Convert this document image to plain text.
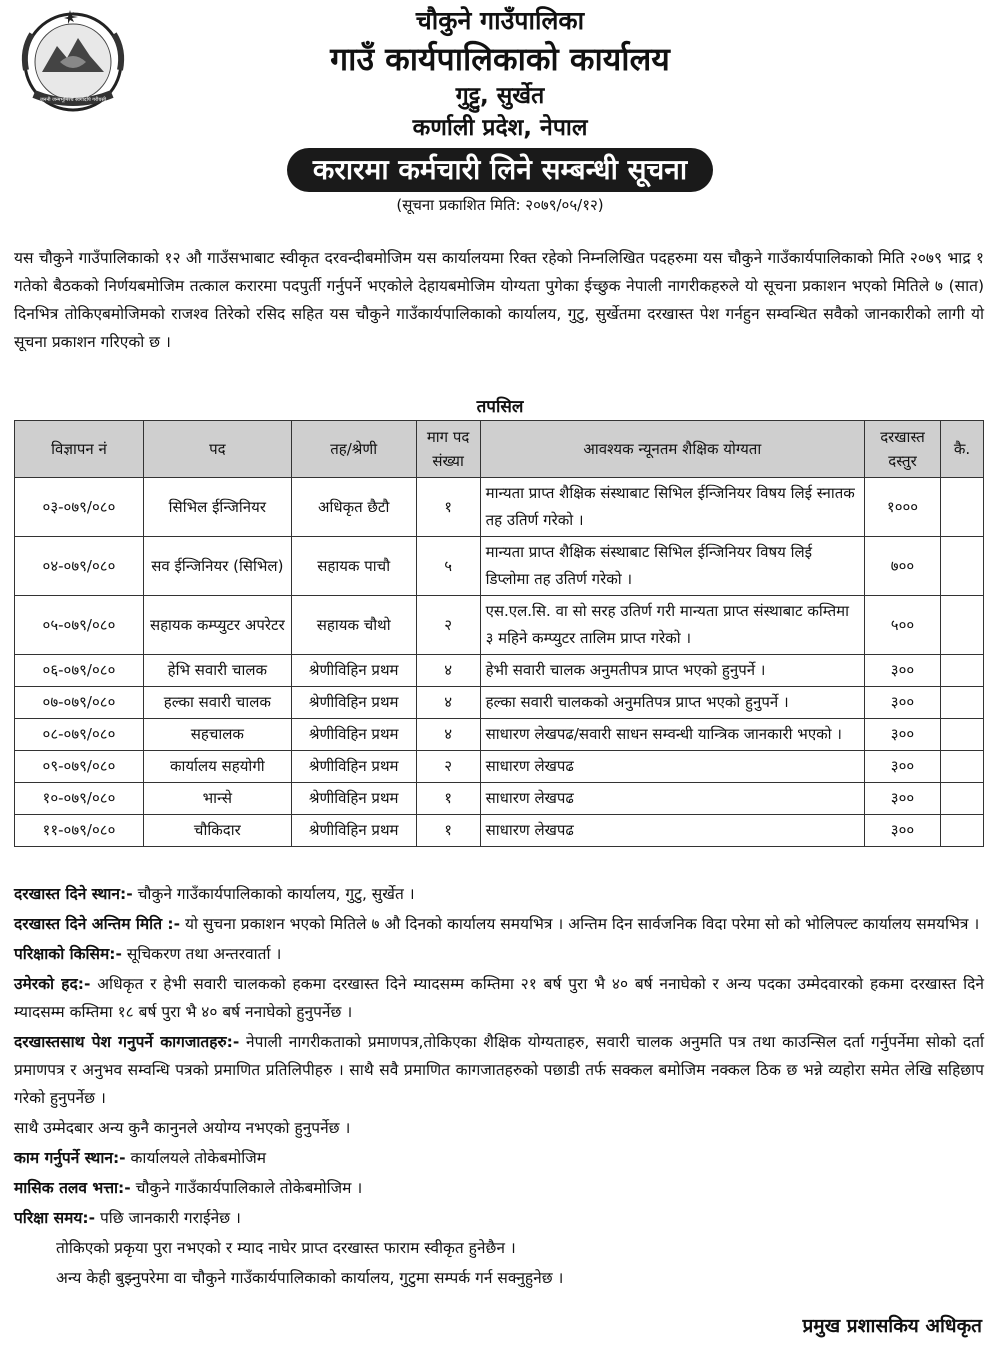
जननी जन्मभूमिश्च स्वर्गादपि गरीयसी
चौकुने गाउँपालिका
गाउँ कार्यपालिकाको कार्यालय
गुट्टु, सुर्खेत
कर्णाली प्रदेश, नेपाल
करारमा कर्मचारी लिने सम्बन्धी सूचना
(सूचना प्रकाशित मिति: २०७९/०५/१२)
यस चौकुने गाउँपालिकाको १२ औ गाउँसभाबाट स्वीकृत दरवन्दीबमोजिम यस कार्यालयमा रिक्त रहेको निम्नलिखित पदहरुमा यस चौकुने गाउँकार्यपालिकाको मिति २०७९ भाद्र १ गतेको बैठकको निर्णयबमोजिम तत्काल करारमा पदपुर्ती गर्नुपर्ने भएकोले देहायबमोजिम योग्यता पुगेका ईच्छुक नेपाली नागरीकहरुले यो सूचना प्रकाशन भएको मितिले ७ (सात) दिनभित्र तोकिएबमोजिमको राजश्व तिरेको रसिद सहित यस चौकुने गाउँकार्यपालिकाको कार्यालय, गुटु, सुर्खेतमा दरखास्त पेश गर्नहुन सम्वन्धित सवैको जानकारीको लागी यो सूचना प्रकाशन गरिएको छ ।
तपसिल
विज्ञापन नं	पद	तह/श्रेणी	माग पद संख्या	आवश्यक न्यूनतम शैक्षिक योग्यता	दरखास्त दस्तुर	कै.
०३-०७९/०८०	सिभिल ईन्जिनियर	अधिकृत छैटौ	१	मान्यता प्राप्त शैक्षिक संस्थाबाट सिभिल ईन्जिनियर विषय लिई स्नातक तह उतिर्ण गरेको ।	१०००	
०४-०७९/०८०	सव ईन्जिनियर (सिभिल)	सहायक पाचौ	५	मान्यता प्राप्त शैक्षिक संस्थाबाट सिभिल ईन्जिनियर विषय लिई डिप्लोमा तह उतिर्ण गरेको ।	७००	
०५-०७९/०८०	सहायक कम्प्युटर अपरेटर	सहायक चौथो	२	एस.एल.सि. वा सो सरह उतिर्ण गरी मान्यता प्राप्त संस्थाबाट कम्तिमा ३ महिने कम्प्युटर तालिम प्राप्त गरेको ।	५००	
०६-०७९/०८०	हेभि सवारी चालक	श्रेणीविहिन प्रथम	४	हेभी सवारी चालक अनुमतीपत्र प्राप्त भएको हुनुपर्ने ।	३००	
०७-०७९/०८०	हल्का सवारी चालक	श्रेणीविहिन प्रथम	४	हल्का सवारी चालकको अनुमतिपत्र प्राप्त भएको हुनुपर्ने ।	३००	
०८-०७९/०८०	सहचालक	श्रेणीविहिन प्रथम	४	साधारण लेखपढ/सवारी साधन सम्वन्धी यान्त्रिक जानकारी भएको ।	३००	
०९-०७९/०८०	कार्यालय सहयोगी	श्रेणीविहिन प्रथम	२	साधारण लेखपढ	३००	
१०-०७९/०८०	भान्से	श्रेणीविहिन प्रथम	१	साधारण लेखपढ	३००	
११-०७९/०८०	चौकिदार	श्रेणीविहिन प्रथम	१	साधारण लेखपढ	३००	

दरखास्त दिने स्थान:- चौकुने गाउँकार्यपालिकाको कार्यालय, गुटु, सुर्खेत ।

दरखास्त दिने अन्तिम मिति :- यो सुचना प्रकाशन भएको मितिले ७ औ दिनको कार्यालय समयभित्र । अन्तिम दिन सार्वजनिक विदा परेमा सो को भोलिपल्ट कार्यालय समयभित्र ।

परिक्षाको किसिम:- सूचिकरण तथा अन्तरवार्ता ।

उमेरको हद:- अधिकृत र हेभी सवारी चालकको हकमा दरखास्त दिने म्यादसम्म कम्तिमा २१ बर्ष पुरा भै ४० बर्ष ननाघेको र अन्य पदका उम्मेदवारको हकमा दरखास्त दिने म्यादसम्म कम्तिमा १८ बर्ष पुरा भै ४० बर्ष ननाघेको हुनुपर्नेछ ।

दरखास्तसाथ पेश गनुपर्ने कागजातहरु:- नेपाली नागरीकताको प्रमाणपत्र,तोकिएका शैक्षिक योग्यताहरु, सवारी चालक अनुमति पत्र तथा काउन्सिल दर्ता गर्नुपर्नेमा सोको दर्ता प्रमाणपत्र र अनुभव सम्वन्धि पत्रको प्रमाणित प्रतिलिपीहरु । साथै सवै प्रमाणित कागजातहरुको पछाडी तर्फ सक्कल बमोजिम नक्कल ठिक छ भन्ने व्यहोरा समेत लेखि सहिछाप गरेको हुनुपर्नेछ ।

साथै उम्मेदबार अन्य कुनै कानुनले अयोग्य नभएको हुनुपर्नेछ ।

काम गर्नुपर्ने स्थान:- कार्यालयले तोकेबमोजिम

मासिक तलव भत्ता:- चौकुने गाउँकार्यपालिकाले तोकेबमोजिम ।

परिक्षा समय:- पछि जानकारी गराईनेछ ।

तोकिएको प्रकृया पुरा नभएको र म्याद नाघेर प्राप्त दरखास्त फाराम स्वीकृत हुनेछैन ।

अन्य केही बुझ्नुपरेमा वा चौकुने गाउँकार्यपालिकाको कार्यालय, गुटुमा सम्पर्क गर्न सक्नुहुनेछ ।

प्रमुख प्रशासकिय अधिकृत
